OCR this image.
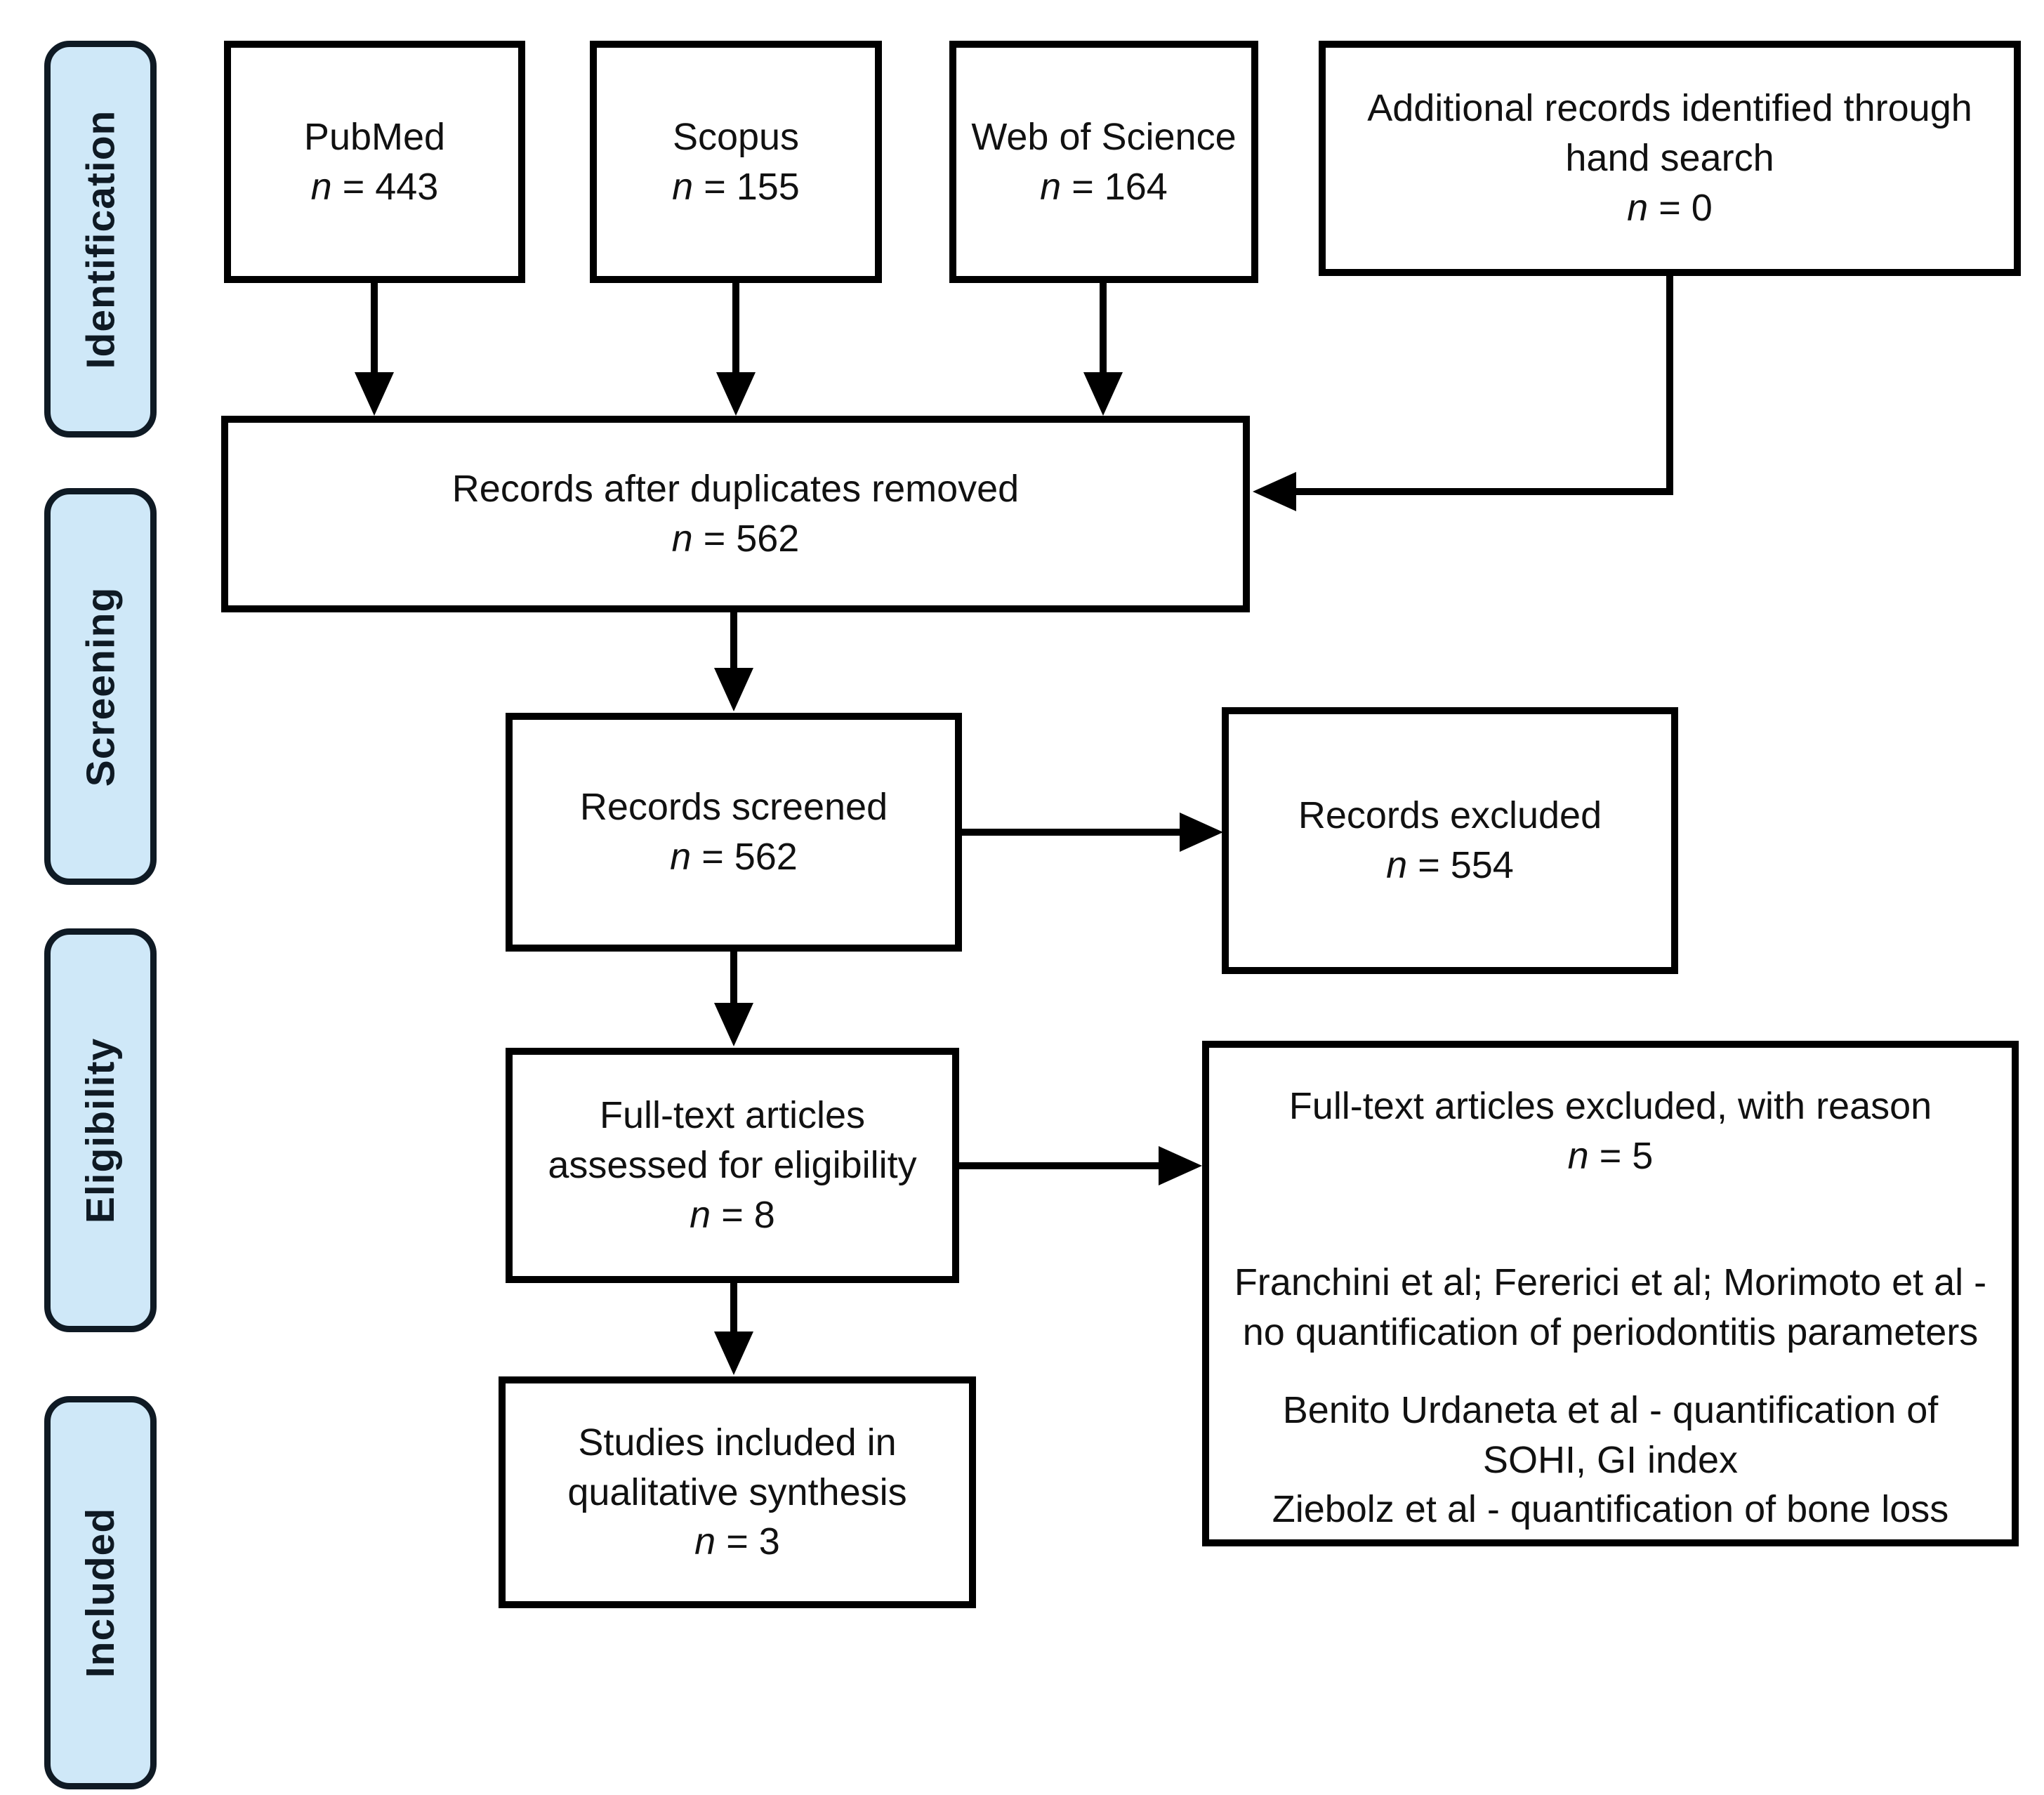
Identification
Screening
Eligibility
Included
PubMed
n = 443
Scopus
n = 155
Web of Science
n = 164
Additional records identified through hand search
n = 0
Records after duplicates removed
n = 562
Records screened
n = 562
Records excluded
n = 554
Full-text articles assessed for eligibility
n = 8
Full-text articles excluded, with reason
n = 5
Franchini et al; Fererici et al; Morimoto et al - no quantification of periodontitis parameters
Benito Urdaneta et al - quantification of SOHI, GI index
Ziebolz et al - quantification of bone loss
Studies included in qualitative synthesis
n = 3
